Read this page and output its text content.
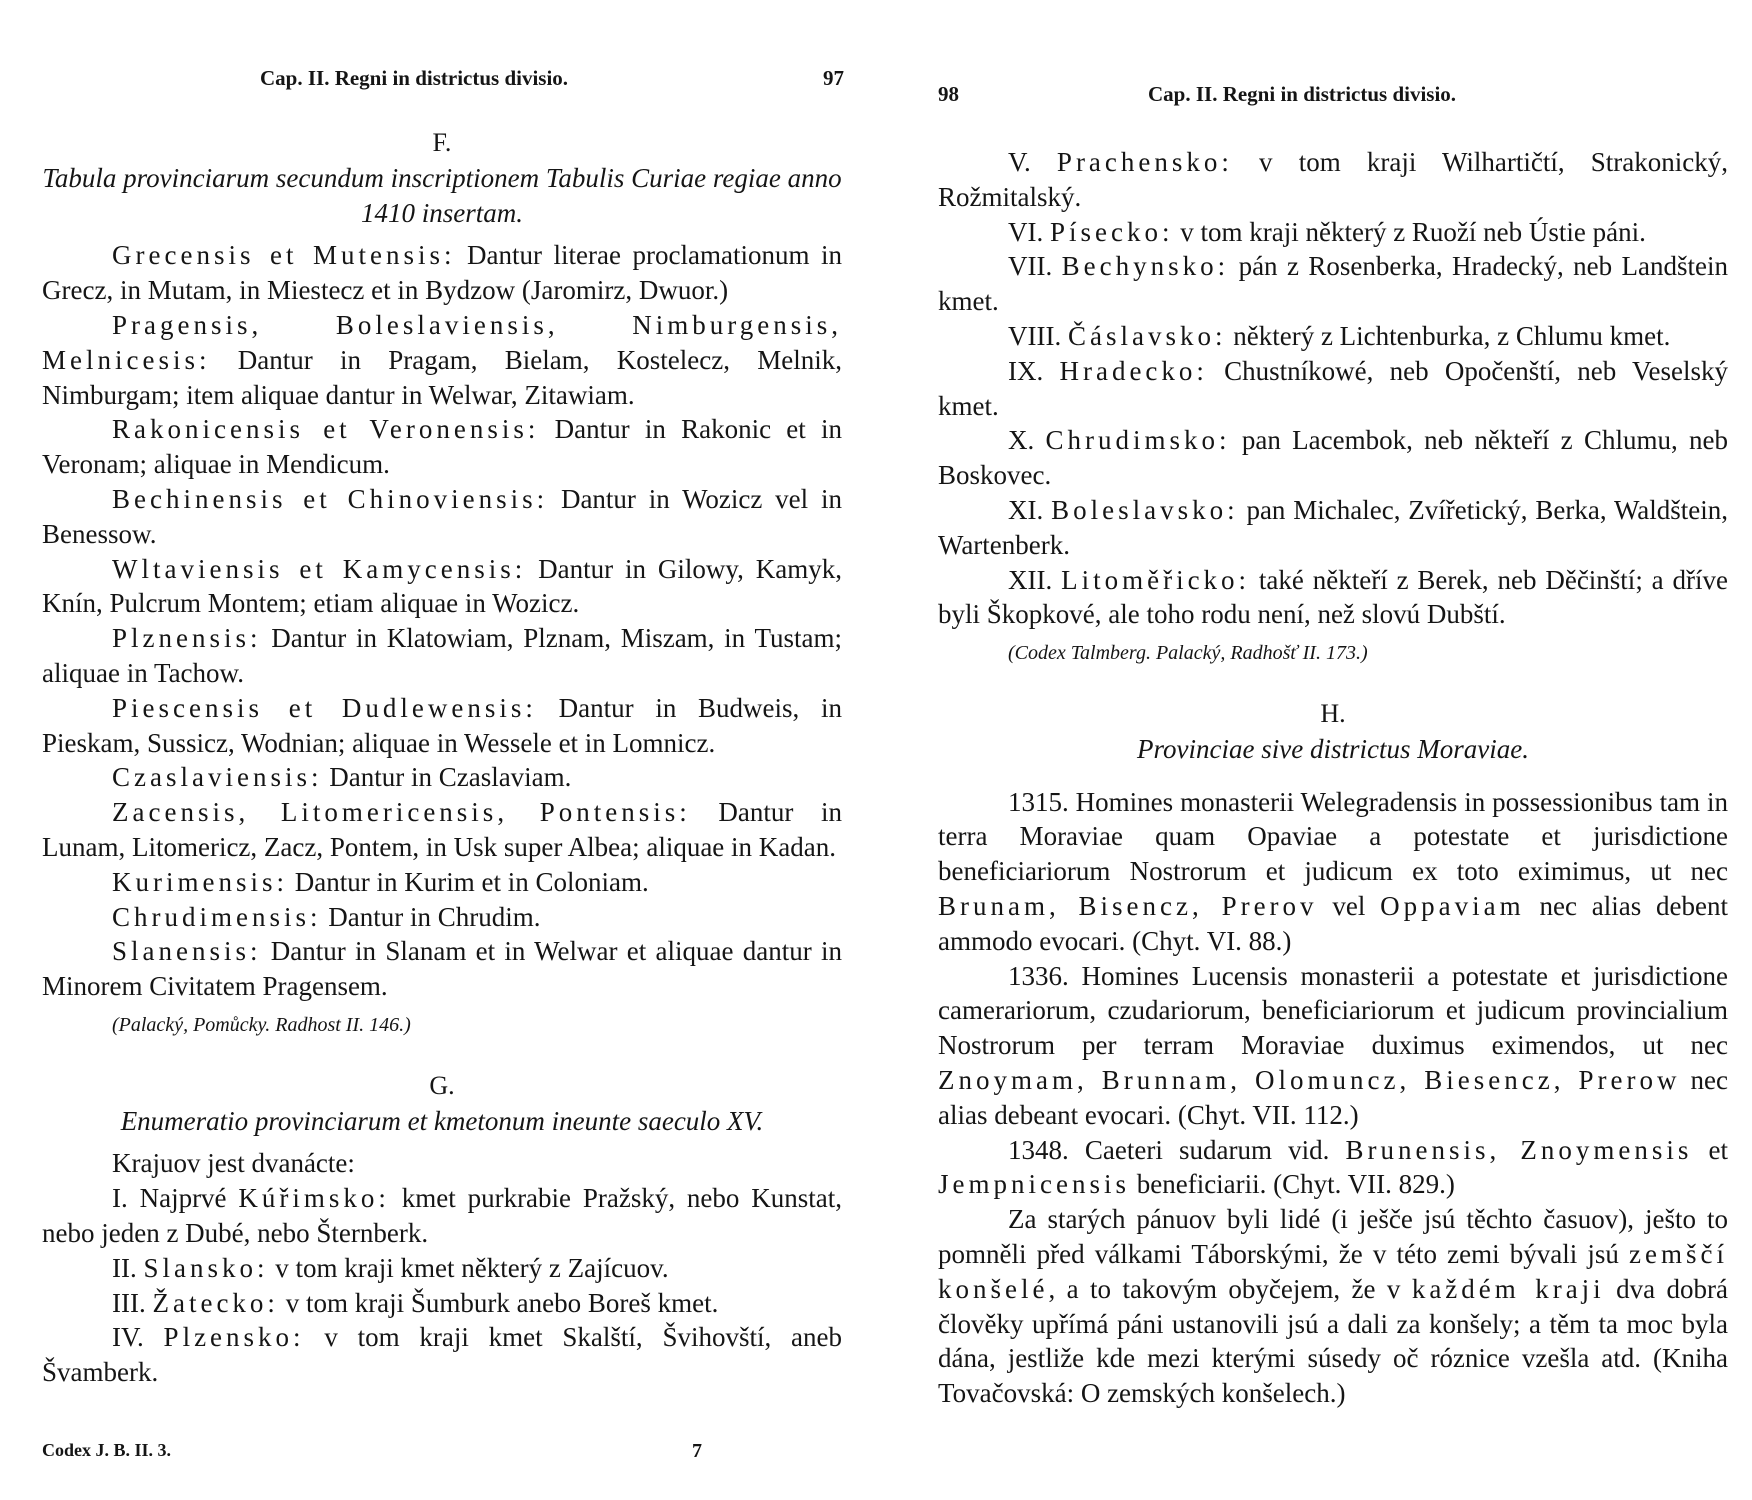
Cap. II. Regni in districtus divisio.	97

F.

Tabula provinciarum secundum inscriptionem Tabulis Curiae regiae anno 1410 insertam.

Grecensis et Mutensis: Dantur literae proclamationum in Grecz, in Mutam, in Miestecz et in Bydzow (Jaromirz, Dwuor.)

Pragensis, Boleslaviensis, Nimburgensis, Melnicesis: Dantur in Pragam, Bielam, Kostelecz, Melnik, Nimburgam; item aliquae dantur in Welwar, Zitawiam.

Rakonicensis et Veronensis: Dantur in Rakonic et in Veronam; aliquae in Mendicum.

Bechinensis et Chinoviensis: Dantur in Wozicz vel in Benessow.

Wltaviensis et Kamycensis: Dantur in Gilowy, Kamyk, Knín, Pulcrum Montem; etiam aliquae in Wozicz.

Plznensis: Dantur in Klatowiam, Plznam, Miszam, in Tustam; aliquae in Tachow.

Piescensis et Dudlewensis: Dantur in Budweis, in Pieskam, Sussicz, Wodnian; aliquae in Wessele et in Lomnicz.

Czaslaviensis: Dantur in Czaslaviam.

Zacensis, Litomericensis, Pontensis: Dantur in Lunam, Litomericz, Zacz, Pontem, in Usk super Albea; aliquae in Kadan.

Kurimensis: Dantur in Kurim et in Coloniam.

Chrudimensis: Dantur in Chrudim.

Slanensis: Dantur in Slanam et in Welwar et aliquae dantur in Minorem Civitatem Pragensem.

(Palacký, Pomůcky. Radhost II. 146.)

G.

Enumeratio provinciarum et kmetonum ineunte saeculo XV.

Krajuov jest dvanácte:

I. Najprvé Kúřimsko: kmet purkrabie Pražský, nebo Kunstat, nebo jeden z Dubé, nebo Šternberk.

II. Slansko: v tom kraji kmet některý z Zajícuov.

III. Žatecko: v tom kraji Šumburk anebo Boreš kmet.

IV. Plzensko: v tom kraji kmet Skalští, Švihovští, aneb Švamberk.

Codex J. B. II. 3.	7
98	Cap. II. Regni in districtus divisio.

V. Prachensko: v tom kraji Wilhartičtí, Strakonický, Rožmitalský.

VI. Písecko: v tom kraji některý z Ruoží neb Ústie páni.

VII. Bechynsko: pán z Rosenberka, Hradecký, neb Landštein kmet.

VIII. Čáslavsko: některý z Lichtenburka, z Chlumu kmet.

IX. Hradecko: Chustníkowé, neb Opočenští, neb Veselský kmet.

X. Chrudimsko: pan Lacembok, neb někteří z Chlumu, neb Boskovec.

XI. Boleslavsko: pan Michalec, Zvířetický, Berka, Waldštein, Wartenberk.

XII. Litoměřicko: také někteří z Berek, neb Děčinští; a dříve byli Škopkové, ale toho rodu není, než slovú Dubští.

(Codex Talmberg. Palacký, Radhošť II. 173.)

H.

Provinciae sive districtus Moraviae.

1315. Homines monasterii Welegradensis in possessionibus tam in terra Moraviae quam Opaviae a potestate et jurisdictione beneficiariorum Nostrorum et judicum ex toto eximimus, ut nec Brunam, Bisencz, Prerov vel Oppaviam nec alias debent ammodo evocari. (Chyt. VI. 88.)

1336. Homines Lucensis monasterii a potestate et jurisdictione camerariorum, czudariorum, beneficiariorum et judicum provincialium Nostrorum per terram Moraviae duximus eximendos, ut nec Znoymam, Brunnam, Olomuncz, Biesencz, Prerow nec alias debeant evocari. (Chyt. VII. 112.)

1348. Caeteri sudarum vid. Brunensis, Znoymensis et Jempnicensis beneficiarii. (Chyt. VII. 829.)

Za starých pánuov byli lidé (i ješče jsú těchto časuov), ješto to pomněli před válkami Táborskými, že v této zemi bývali jsú zemščí konšelé, a to takovým obyčejem, že v každém kraji dva dobrá člověky upřímá páni ustanovili jsú a dali za konšely; a těm ta moc byla dána, jestliže kde mezi kterými súsedy oč róznice vzešla atd. (Kniha Tovačovská: O zemských konšelech.)
